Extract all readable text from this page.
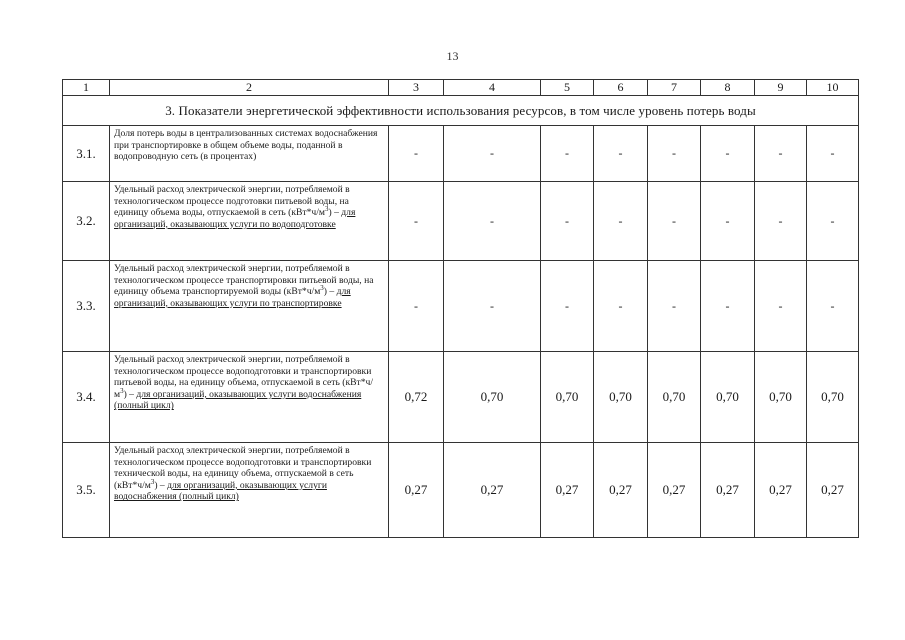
13
1	2	3	4	5	6	7	8	9	10
3. Показатели энергетической эффективности использования ресурсов, в том числе уровень потерь воды									
3.1.	Доля потерь воды в централизованных системах водоснабжения при транспортировке в общем объеме воды, поданной в водопроводную сеть (в процентах)	-	-	-	-	-	-	-	-
3.2.	Удельный расход электрической энергии, потребляемой в технологическом процессе подготовки питьевой воды, на единицу объема воды, отпускаемой в сеть $(кВт*ч/м^3)$ – для организаций, оказывающих услуги по водоподготовке	-	-	-	-	-	-	-	-
3.3.	Удельный расход электрической энергии, потребляемой в технологическом процессе транспортировки питьевой воды, на единицу объема транспортируемой воды $(кВт*ч/м^3)$ – для организаций, оказывающих услуги по транспортировке	-	-	-	-	-	-	-	-
3.4.	Удельный расход электрической энергии, потребляемой в технологическом процессе водоподготовки и транспортировки питьевой воды, на единицу объема, отпускаемой в сеть $(кВт*ч/м^3)$ – для организаций, оказывающих услуги водоснабжения (полный цикл)	0,72	0,70	0,70	0,70	0,70	0,70	0,70	0,70
3.5.	Удельный расход электрической энергии, потребляемой в технологическом процессе водоподготовки и транспортировки технической воды, на единицу объема, отпускаемой в сеть $(кВт*ч/м^3)$ – для организаций, оказывающих услуги водоснабжения (полный цикл)	0,27	0,27	0,27	0,27	0,27	0,27	0,27	0,27
